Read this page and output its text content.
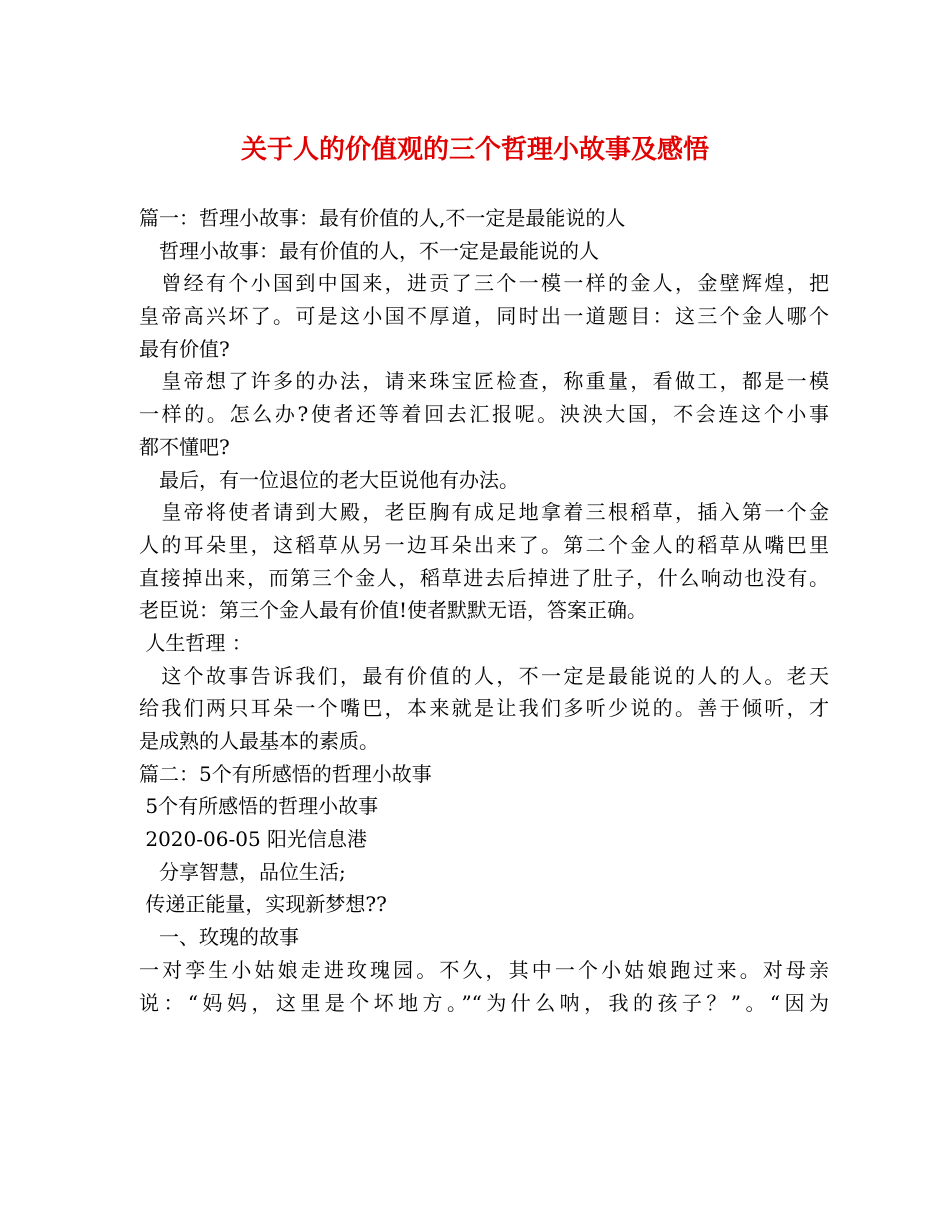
关于人的价值观的三个哲理小故事及感悟
篇一：哲理小故事：最有价值的人,不一定是最能说的人
　哲理小故事：最有价值的人，不一定是最能说的人
　曾经有个小国到中国来，进贡了三个一模一样的金人，金壁辉煌，把
皇帝高兴坏了。可是这小国不厚道，同时出一道题目：这三个金人哪个
最有价值?
　皇帝想了许多的办法，请来珠宝匠检查，称重量，看做工，都是一模
一样的。怎么办?使者还等着回去汇报呢。泱泱大国，不会连这个小事
都不懂吧?
　最后，有一位退位的老大臣说他有办法。
　皇帝将使者请到大殿，老臣胸有成足地拿着三根稻草，插入第一个金
人的耳朵里，这稻草从另一边耳朵出来了。第二个金人的稻草从嘴巴里
直接掉出来，而第三个金人，稻草进去后掉进了肚子，什么响动也没有。
老臣说：第三个金人最有价值!使者默默无语，答案正确。
人生哲理 ：
　这个故事告诉我们，最有价值的人，不一定是最能说的人的人。老天
给我们两只耳朵一个嘴巴，本来就是让我们多听少说的。善于倾听，才
是成熟的人最基本的素质。
篇二：5个有所感悟的哲理小故事
5个有所感悟的哲理小故事
2020-06-05 阳光信息港
　分享智慧，品位生活;
传递正能量，实现新梦想??
　一、玫瑰的故事
一对孪生小姑娘走进玫瑰园。不久，其中一个小姑娘跑过来。对母亲
说：“妈妈，这里是个坏地方。”“为什么呐，我的孩子？”。“因为
